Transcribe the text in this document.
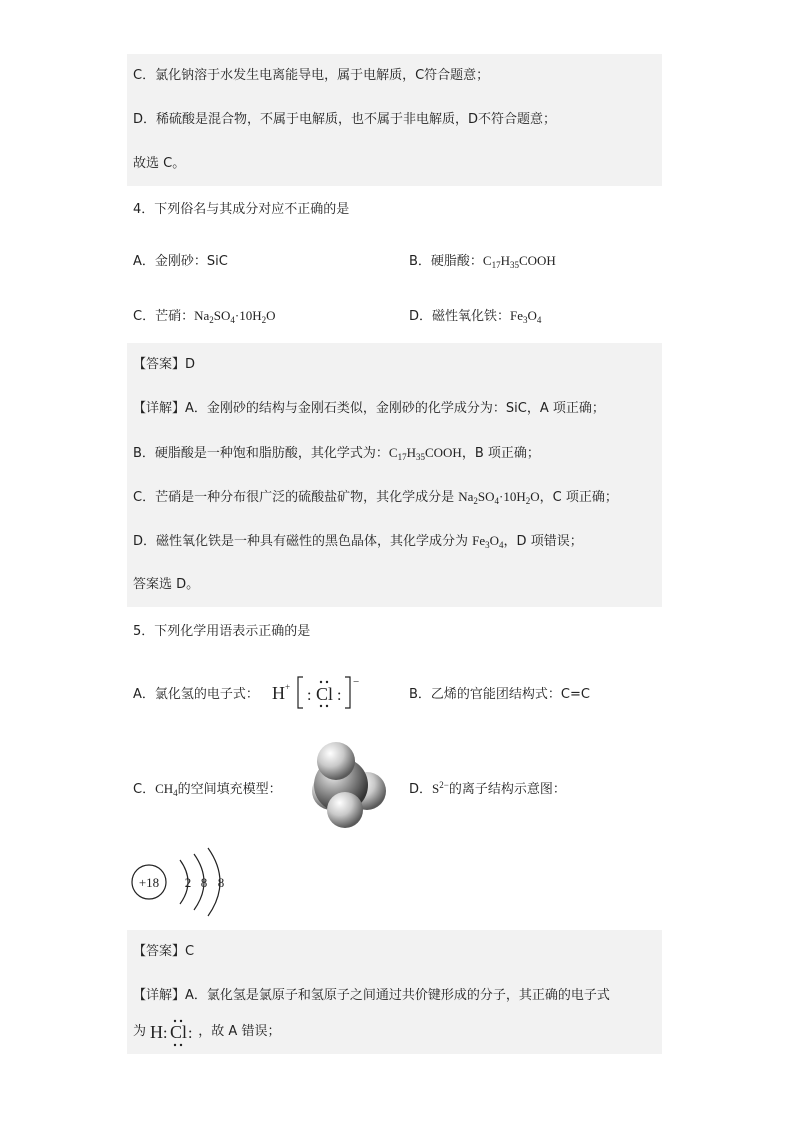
C．氯化钠溶于水发生电离能导电，属于电解质，C符合题意；
D．稀硫酸是混合物，不属于电解质，也不属于非电解质，D不符合题意；
故选 C。
4．下列俗名与其成分对应不正确的是
A．金刚砂：SiC	B．硬脂酸：$C_{17}H_{35}COOH$
C．芒硝：$Na_2SO_4\cdot 10H_2O$	D．磁性氧化铁：$Fe_3O_4$
【答案】D
【详解】A．金刚砂的结构与金刚石类似，金刚砂的化学成分为：SiC，A 项正确；
B．硬脂酸是一种饱和脂肪酸，其化学式为：$C_{17}H_{35}COOH$，B 项正确；
C．芒硝是一种分布很广泛的硫酸盐矿物，其化学成分是 $Na_2SO_4\cdot 10H_2O$，C 项正确；
D．磁性氧化铁是一种具有磁性的黑色晶体，其化学成分为 $Fe_3O_4$，D 项错误；
答案选 D。
5．下列化学用语表示正确的是
A．氯化氢的电子式： H + : Cl :
−
B．乙烯的官能团结构式：C=C
C．$CH_4$的空间填充模型：	D．$S^{2-}$的离子结构示意图：
+18 2 8 8
【答案】C
【详解】A．氯化氢是氯原子和氢原子之间通过共价键形成的分子，其正确的电子式
为 H : Cl : ，故 A 错误；
